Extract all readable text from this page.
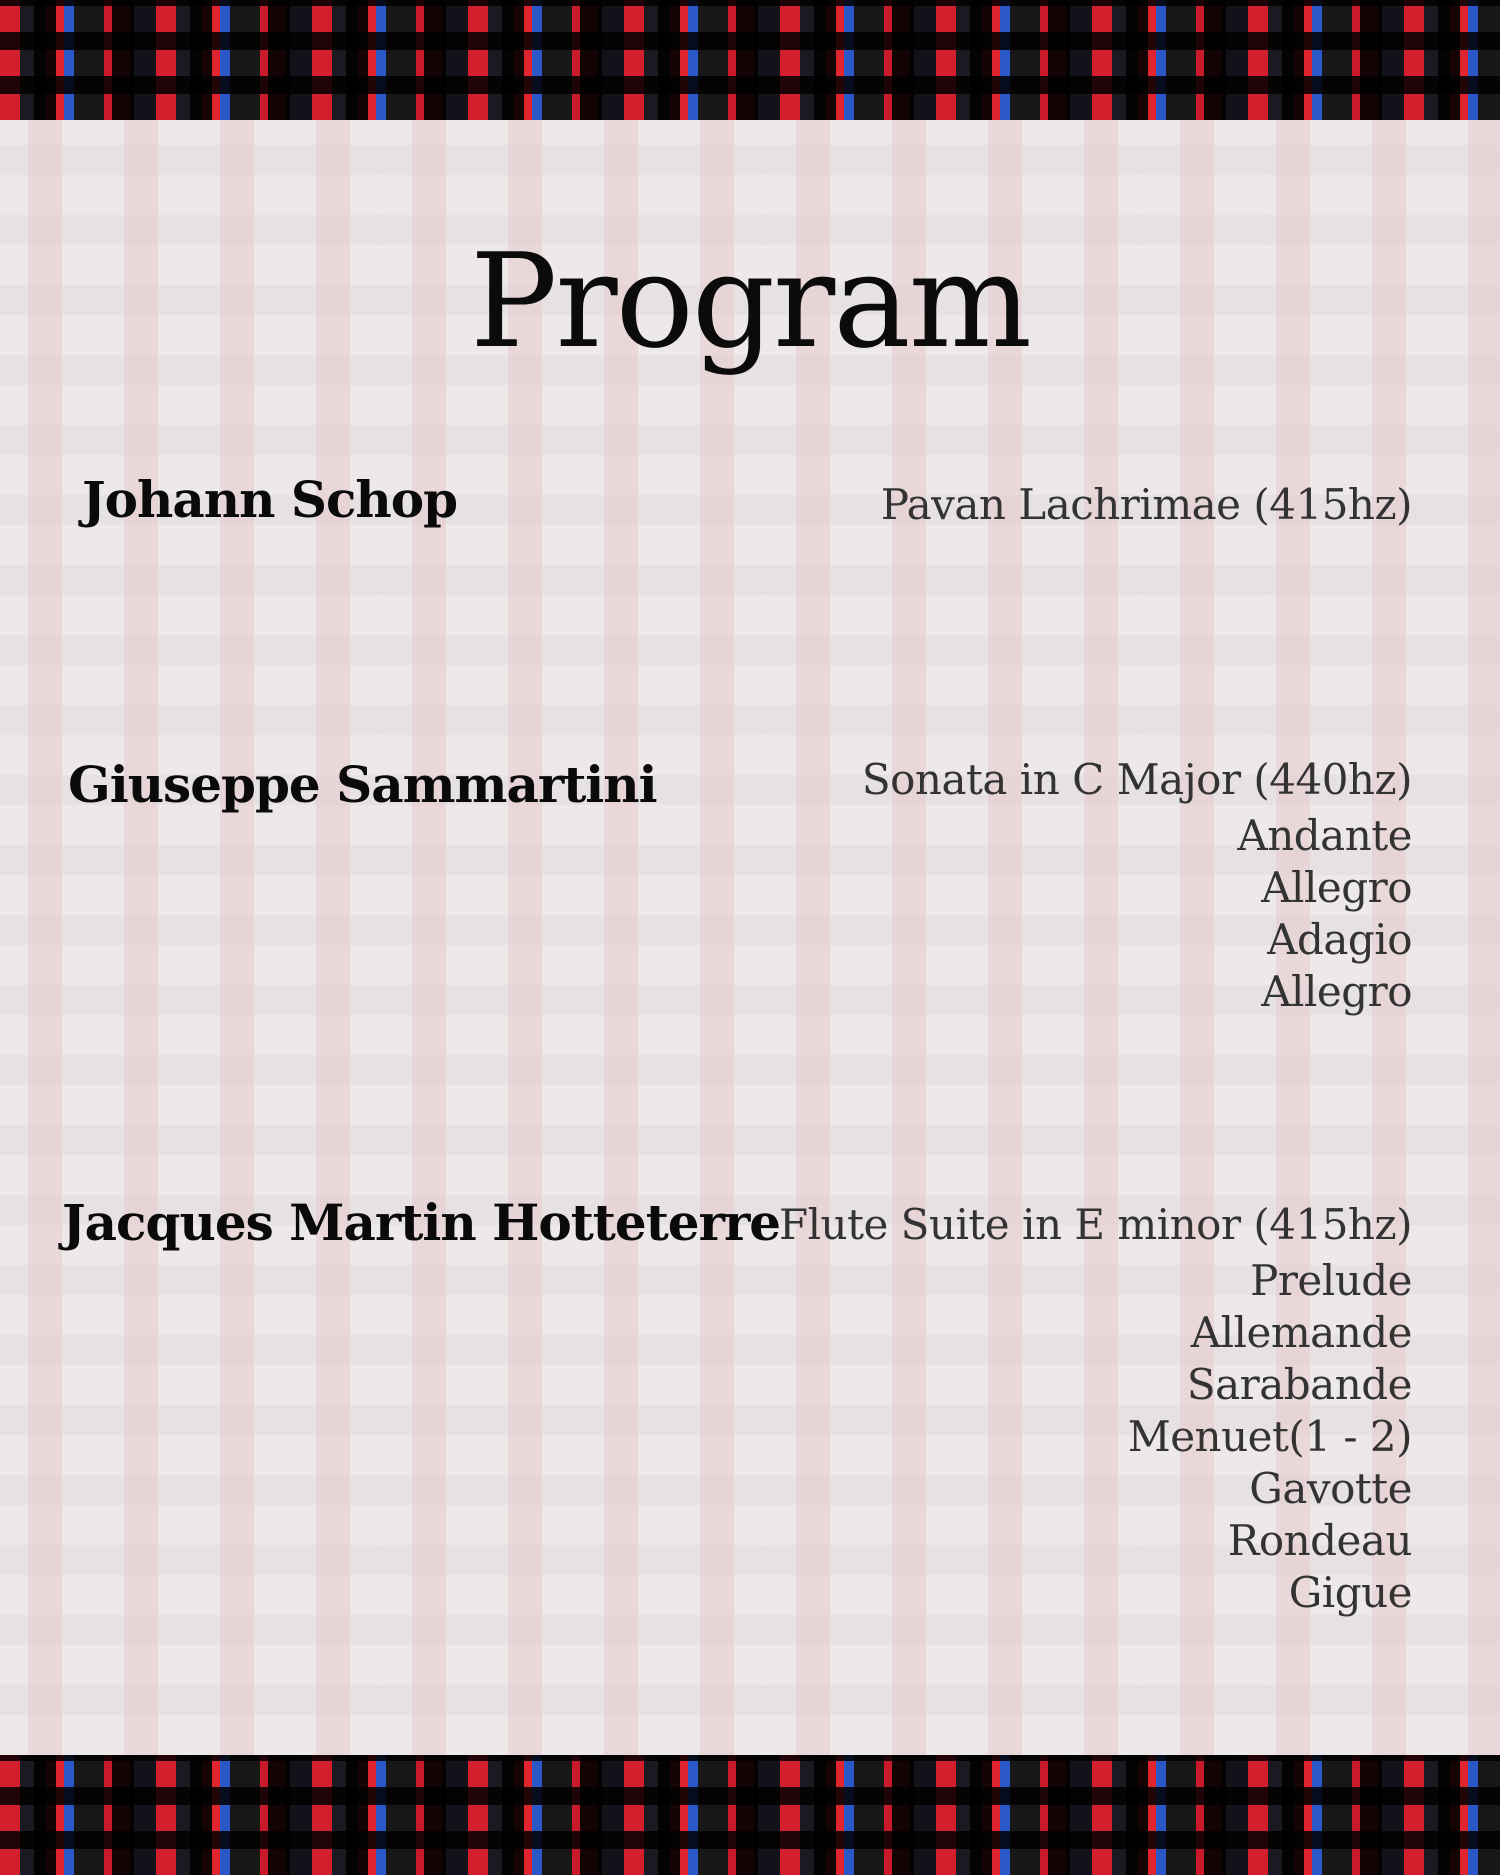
Program
Johann Schop	Pavan Lachrimae (415hz)

Giuseppe Sammartini	Sonata in C Major (440hz)

Andante
Allegro
Adagio
Allegro
Jacques Martin Hotteterre

Flute Suite in E minor (415hz)

Prelude
Allemande
Sarabande
Menuet(1 - 2)
Gavotte
Rondeau
Gigue
